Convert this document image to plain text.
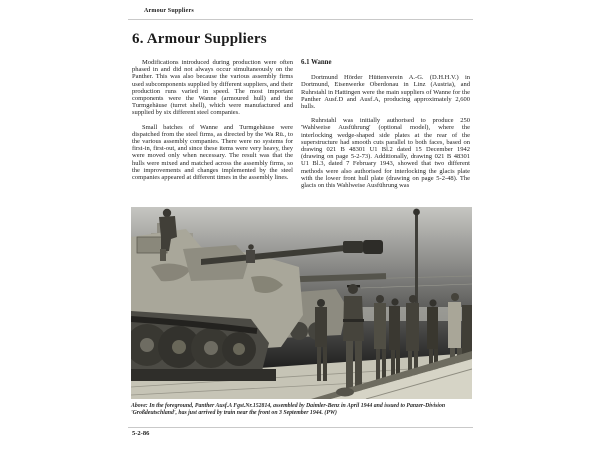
Armour Suppliers
6. Armour Suppliers

Modifications introduced during production were often phased in and did not always occur simultaneously on the Panther. This was also because the various assembly firms used subcomponents supplied by different suppliers, and their production runs varied in speed. The most important components were the Wanne (armoured hull) and the Turmgehäuse (turret shell), which were manufactured and supplied by six different steel companies.

Small batches of Wanne and Turmgehäuse were dispatched from the steel firms, as directed by the Wa Rü., to the various assembly companies. There were no systems for first-in, first-out, and since these items were very heavy, they were moved only when necessary. The result was that the hulls were mixed and matched across the assembly firms, so the improvements and changes implemented by the steel companies appeared at different times in the assembly lines.

6.1 Wanne

Dortmund Hörder Hüttenverein A.-G. (D.H.H.V.) in Dortmund, Eisenwerke Oberdonau in Linz (Austria), and Ruhrstahl in Hattingen were the main suppliers of Wanne for the Panther Ausf.D and Ausf.A, producing approximately 2,600 hulls.

Ruhrstahl was initially authorised to produce 250 'Wahlweise Ausführung' (optional model), where the interlocking wedge-shaped side plates at the rear of the superstructure had smooth cuts parallel to both faces, based on drawing 021 B 48301 U1 Bl.2 dated 15 December 1942 (drawing on page 5-2-73). Additionally, drawing 021 B 48301 U1 Bl.3, dated 7 February 1943, showed that two different methods were also authorised for interlocking the glacis plate with the lower front hull plate (drawing on page 5-2-48). The glacis on this Wahlweise Ausführung was

Above: In the foreground, Panther Ausf.A Fgst.Nr.152814, assembled by Daimler-Benz in April 1944 and issued to Panzer-Division 'Großdeutschland', has just arrived by train near the front on 3 September 1944. (PW)
5-2-86
